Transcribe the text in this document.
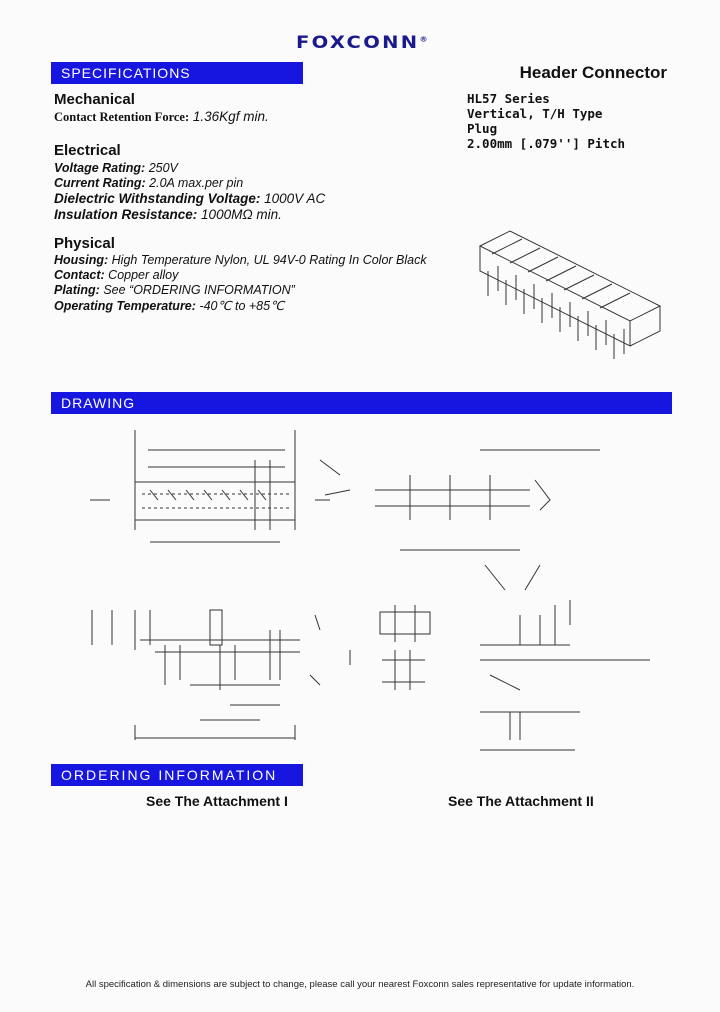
FOXCONN®
SPECIFICATIONS	Header Connector
HL57 Series
Vertical, T/H Type
Plug
2.00mm [.079''] Pitch
Mechanical
Contact Retention Force: 1.36Kgf min.
Electrical
Voltage Rating: 250V
Current Rating: 2.0A max.per pin
Dielectric Withstanding Voltage: 1000V AC
Insulation Resistance: 1000MΩ min.
Physical
Housing: High Temperature Nylon, UL 94V-0 Rating In Color Black
Contact: Copper alloy
Plating: See “ORDERING INFORMATION”
Operating Temperature: -40℃ to +85℃
DRAWING
ORDERING INFORMATION
See The Attachment I	See The Attachment II
All specification & dimensions are subject to change, please call your nearest Foxconn sales representative for update information.
